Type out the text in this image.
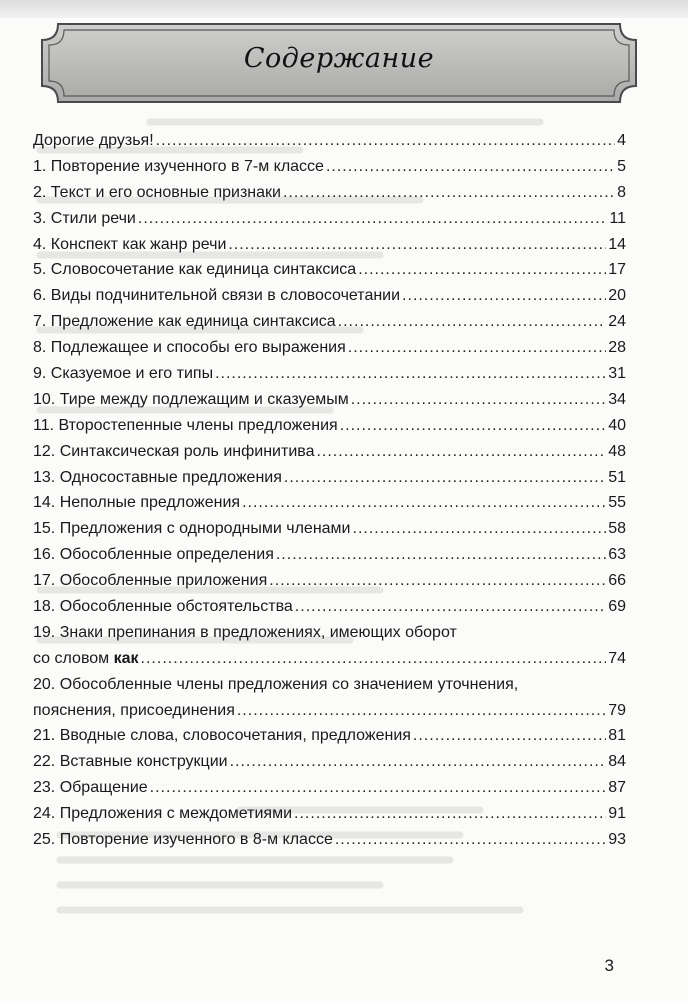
Содержание
Дорогие друзья! .....	4
1. Повторение изученного в 7-м классе .....	5
2. Текст и его основные признаки .....	8
3. Стили речи .....	11
4. Конспект как жанр речи .....	14
5. Словосочетание как единица синтаксиса .....	17
6. Виды подчинительной связи в словосочетании .....	20
7. Предложение как единица синтаксиса .....	24
8. Подлежащее и способы его выражения .....	28
9. Сказуемое и его типы .....	31
10. Тире между подлежащим и сказуемым .....	34
11. Второстепенные члены предложения .....	40
12. Синтаксическая роль инфинитива .....	48
13. Односоставные предложения .....	51
14. Неполные предложения .....	55
15. Предложения с однородными членами .....	58
16. Обособленные определения .....	63
17. Обособленные приложения .....	66
18. Обособленные обстоятельства .....	69
19. Знаки препинания в предложениях, имеющих оборот
со словом как .....	74
20. Обособленные члены предложения со значением уточнения,
пояснения, присоединения .....	79
21. Вводные слова, словосочетания, предложения .....	81
22. Вставные конструкции .....	84
23. Обращение .....	87
24. Предложения с междометиями .....	91
25. Повторение изученного в 8-м классе .....	93
3
